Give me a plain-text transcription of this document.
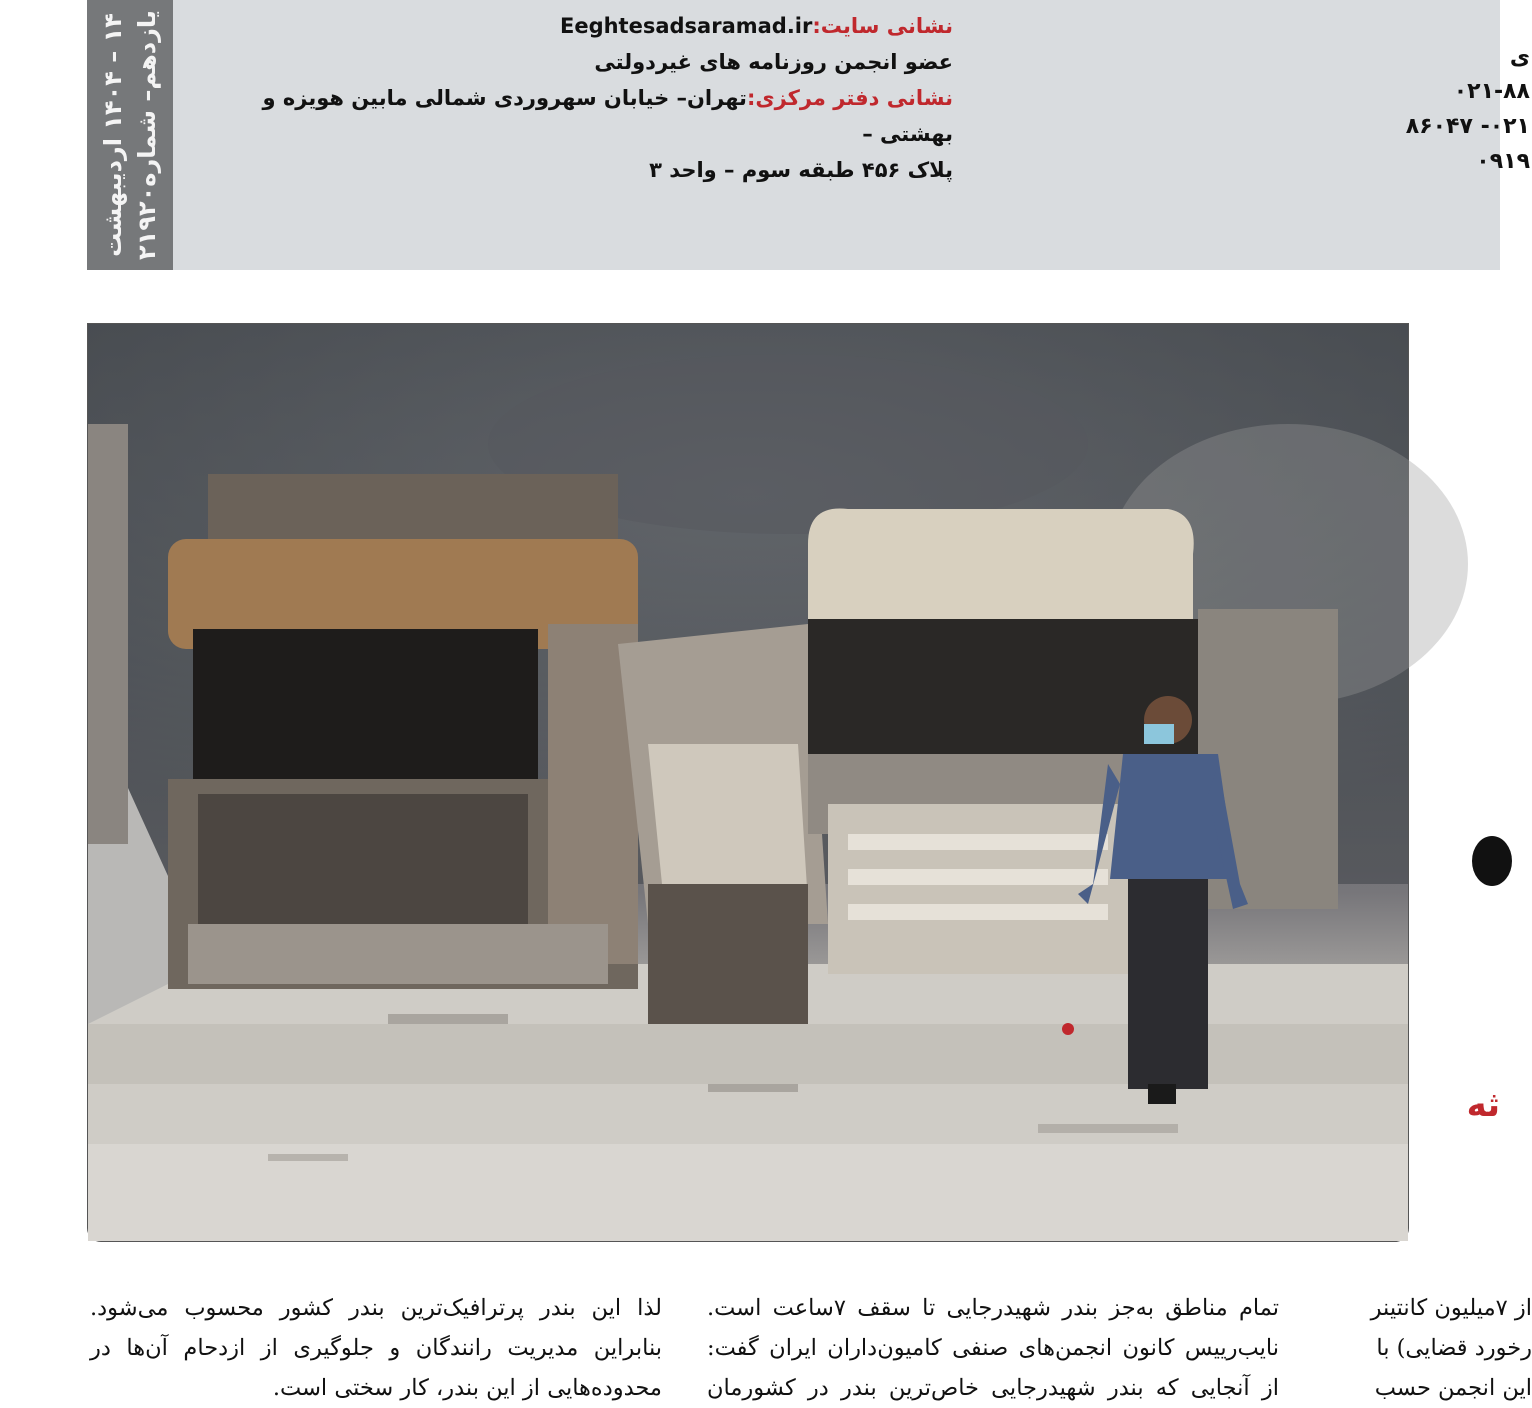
۱۴ – ۱۴۰۴ اردیبهشت
یازدهم– شماره۲۱۹۲۰	نشانی سایت:Eeghtesadsaramad.ir
عضو انجمن روزنامه های غیردولتی
نشانی دفتر مرکزی:تهران– خیابان سهروردی شمالی مابین هویزه و بهشتی –
پلاک ۴۵۶ طبقه سوم – واحد ۳
ی
۰۲۱-۸۸
۰۲۱- ۸۶۰۴۷
۰۹۱۹
ثه

لذا این بندر پرترافیک‌ترین بندر کشور محسوب می‌شود.

بنابراین مدیریت رانندگان و جلوگیری از ازدحام آن‌ها در

محدوده‌هایی از این بندر، کار سختی است.

تمام مناطق به‌جز بندر شهیدرجایی تا سقف ۷ساعت است.

نایب‌رییس کانون انجمن‌های صنفی کامیون‌داران ایران گفت:

از آنجایی که بندر شهیدرجایی خاص‌ترین بندر در کشورمان

از ۷میلیون کانتینر

رخورد قضایی) با

این انجمن حسب
